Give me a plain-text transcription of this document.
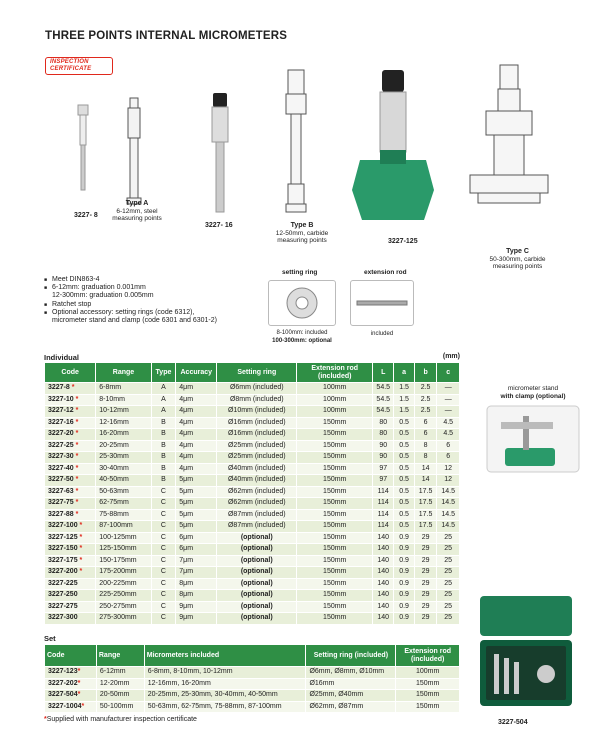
THREE POINTS INTERNAL MICROMETERS
INSPECTION
CERTIFICATE
3227- 8
Type A
6-12mm, steel
measuring points
3227- 16	Type B
12-50mm, carbide
measuring points	3227-125
Type C
50-300mm, carbide
measuring points
■ Meet DIN863-4
■ 6-12mm: graduation 0.001mm
12-300mm: graduation 0.005mm
■ Ratchet stop
■ Optional accessory: setting rings (code 6312),
micrometer stand and clamp (code 6301 and 6301-2)
setting ring
8-100mm: included
100-300mm: optional
extension rod
included
Individual	(mm)
Code	Range	Type	Accuracy	Setting ring	Extension rod (included)	L	a	b	c
3227-8 *	6-8mm	A	4μm	Ø6mm (included)	100mm	54.5	1.5	2.5	—
3227-10 *	8-10mm	A	4μm	Ø8mm (included)	100mm	54.5	1.5	2.5	—
3227-12 *	10-12mm	A	4μm	Ø10mm (included)	100mm	54.5	1.5	2.5	—
3227-16 *	12-16mm	B	4μm	Ø16mm (included)	150mm	80	0.5	6	4.5
3227-20 *	16-20mm	B	4μm	Ø16mm (included)	150mm	80	0.5	6	4.5
3227-25 *	20-25mm	B	4μm	Ø25mm (included)	150mm	90	0.5	8	6
3227-30 *	25-30mm	B	4μm	Ø25mm (included)	150mm	90	0.5	8	6
3227-40 *	30-40mm	B	4μm	Ø40mm (included)	150mm	97	0.5	14	12
3227-50 *	40-50mm	B	5μm	Ø40mm (included)	150mm	97	0.5	14	12
3227-63 *	50-63mm	C	5μm	Ø62mm (included)	150mm	114	0.5	17.5	14.5
3227-75 *	62-75mm	C	5μm	Ø62mm (included)	150mm	114	0.5	17.5	14.5
3227-88 *	75-88mm	C	5μm	Ø87mm (included)	150mm	114	0.5	17.5	14.5
3227-100 *	87-100mm	C	5μm	Ø87mm (included)	150mm	114	0.5	17.5	14.5
3227-125 *	100-125mm	C	6μm	(optional)	150mm	140	0.9	29	25
3227-150 *	125-150mm	C	6μm	(optional)	150mm	140	0.9	29	25
3227-175 *	150-175mm	C	7μm	(optional)	150mm	140	0.9	29	25
3227-200 *	175-200mm	C	7μm	(optional)	150mm	140	0.9	29	25
3227-225	200-225mm	C	8μm	(optional)	150mm	140	0.9	29	25
3227-250	225-250mm	C	8μm	(optional)	150mm	140	0.9	29	25
3227-275	250-275mm	C	9μm	(optional)	150mm	140	0.9	29	25
3227-300	275-300mm	C	9μm	(optional)	150mm	140	0.9	29	25
micrometer stand
with clamp (optional)
Set
Code	Range	Micrometers included	Setting ring (included)	Extension rod (included)
3227-123*	6-12mm	6-8mm, 8-10mm, 10-12mm	Ø6mm, Ø8mm, Ø10mm	100mm
3227-202*	12-20mm	12-16mm, 16-20mm	Ø16mm	150mm
3227-504*	20-50mm	20-25mm, 25-30mm, 30-40mm, 40-50mm	Ø25mm, Ø40mm	150mm
3227-1004*	50-100mm	50-63mm, 62-75mm, 75-88mm, 87-100mm	Ø62mm, Ø87mm	150mm
3227-504
*Supplied with manufacturer inspection certificate
